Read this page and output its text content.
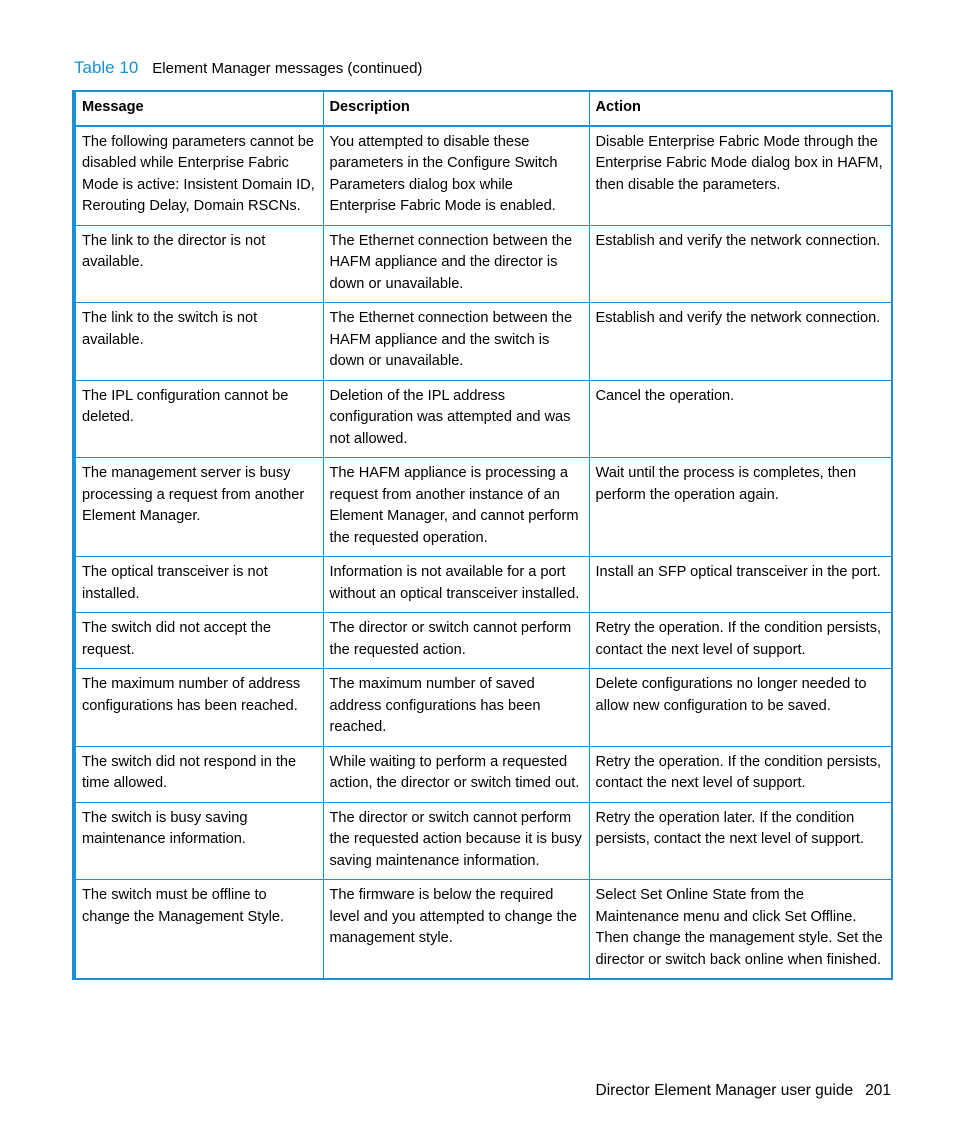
Table 10 Element Manager messages (continued)
Message	Description	Action
The following parameters cannot be disabled while Enterprise Fabric Mode is active: Insistent Domain ID, Rerouting Delay, Domain RSCNs.	You attempted to disable these parameters in the Configure Switch Parameters dialog box while Enterprise Fabric Mode is enabled.	Disable Enterprise Fabric Mode through the Enterprise Fabric Mode dialog box in HAFM, then disable the parameters.
The link to the director is not available.	The Ethernet connection between the HAFM appliance and the director is down or unavailable.	Establish and verify the network connection.
The link to the switch is not available.	The Ethernet connection between the HAFM appliance and the switch is down or unavailable.	Establish and verify the network connection.
The IPL configuration cannot be deleted.	Deletion of the IPL address configuration was attempted and was not allowed.	Cancel the operation.
The management server is busy processing a request from another Element Manager.	The HAFM appliance is processing a request from another instance of an Element Manager, and cannot perform the requested operation.	Wait until the process is completes, then perform the operation again.
The optical transceiver is not installed.	Information is not available for a port without an optical transceiver installed.	Install an SFP optical transceiver in the port.
The switch did not accept the request.	The director or switch cannot perform the requested action.	Retry the operation. If the condition persists, contact the next level of support.
The maximum number of address configurations has been reached.	The maximum number of saved address configurations has been reached.	Delete configurations no longer needed to allow new configuration to be saved.
The switch did not respond in the time allowed.	While waiting to perform a requested action, the director or switch timed out.	Retry the operation. If the condition persists, contact the next level of support.
The switch is busy saving maintenance information.	The director or switch cannot perform the requested action because it is busy saving maintenance information.	Retry the operation later. If the condition persists, contact the next level of support.
The switch must be offline to change the Management Style.	The firmware is below the required level and you attempted to change the management style.	Select Set Online State from the Maintenance menu and click Set Offline. Then change the management style. Set the director or switch back online when finished.
Director Element Manager user guide 201
